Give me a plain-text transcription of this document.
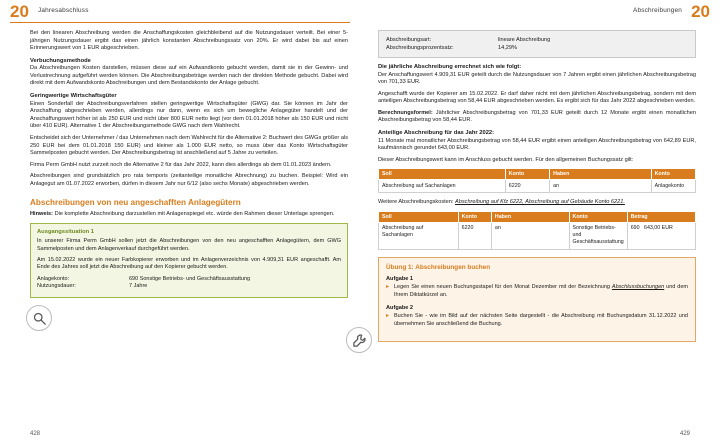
20 Jahresabschluss	20
Abschreibungen

Bei den linearen Abschreibung werden die Anschaffungskosten gleichbleibend auf die Nutzungsdauer verteilt. Bei einer 5-jährigen Nutzungsdauer ergibt das einen jährlich konstanten Abschreibungssatz von 20%. Er wird dabei bis auf einen Erinnerungswert von 1 EUR abgeschrieben.

Verbuchungsmethode

Da Abschreibungen Kosten darstellen, müssen diese auf ein Aufwandkonto gebucht werden, damit sie in der Gewinn- und Verlustrechnung aufgeführt werden können. Die Abschreibungsbeträge werden nach der direkten Methode gebucht. Dabei wird direkt mit dem Aufwandskonto Abschreibungen und dem Bestandskonto der Anlage gebucht.

Geringwertige Wirtschaftsgüter

Einen Sonderfall der Abschreibungsverfahren stellen geringwertige Wirtschaftsgüter (GWG) dar. Sie können im Jahr der Anschaffung abgeschrieben werden, allerdings nur dann, wenn es sich um bewegliche Anlagegüter handelt und der Anschaffungswert höher ist als 250 EUR und nicht über 800 EUR netto liegt (vor dem 01.01.2018 höher als 150 EUR und nicht über 410 EUR). Alternative 1 der Abschreibungsmethode GWG nach dem Wahlrecht.

Entscheidet sich der Unternehmer / das Unternehmen nach dem Wahlrecht für die Alternative 2: Buchwert des GWGs größer als 250 EUR bei dem 01.01.2018 150 EUR) und kleiner als 1.000 EUR netto, so muss über das Konto Wirtschaftsgüter Sammelposten gebucht werden. Der Abschreibungsbetrag ist anschließend auf 5 Jahre zu verteilen.

Firma Perm GmbH nutzt zurzeit noch die Alternative 2 für das Jahr 2022, kann dies allerdings ab dem 01.01.2023 ändern.

Abschreibungen sind grundsätzlich pro rata temporis (zeitanteilige monatliche Abrechnung) zu buchen. Beispiel: Wird ein Anlagegut am 01.07.2022 erworben, dürfen in diesem Jahr nur 6/12 (also sechs Monate) abgeschrieben werden.

Abschreibungen von neu angeschafften Anlagegütern
Hinweis: Die komplette Abschreibung darzustellen mit Anlagenspiegel etc. würde den Rahmen dieser Unterlage sprengen.
Ausgangssituation 1

In unserer Firma Perm GmbH sollen jetzt die Abschreibungen von den neu angeschafften Anlagegütern, dem GWG Sammelposten und dem Anlagenverkauf durchgeführt werden.

Am 15.02.2022 wurde ein neuer Farbkopierer erworben und im Anlagenverzeichnis von 4.909,31 EUR angeschafft. Am Ende des Jahres soll jetzt die Abschreibung auf den Kopierer gebucht werden.

Anlagekonto:	690 Sonstige Betriebs- und Geschäftsausstattung
Nutzungsdauer:	7 Jahre
Abschreibungsart:	lineare Abschreibung
Abschreibungsprozentsatz:	14,29%
Die jährliche Abschreibung errechnet sich wie folgt:

Der Anschaffungswert 4.909,31 EUR geteilt durch die Nutzungsdauer von 7 Jahren ergibt einen jährlichen Abschreibungsbetrag von 701,33 EUR.

Angeschafft wurde der Kopierer am 15.02.2022. Er darf daher nicht mit dem jährlichen Abschreibungsbetrag, sondern mit dem anteiligen Abschreibungsbetrag von 58,44 EUR abgeschrieben werden. Es ergibt sich für das Jahr 2022 abgeschrieben werden.

Berechnungsformel: Jährlicher Abschreibungsbetrag von 701,33 EUR geteilt durch 12 Monate ergibt einen monatlichen Abschreibungsbetrag von 58,44 EUR.

Anteilige Abschreibung für das Jahr 2022:

11 Monate mal monatlicher Abschreibungsbetrag von 58,44 EUR ergibt einen anteiligen Abschreibungsbetrag von 642,89 EUR, kaufmännisch gerundet 643,00 EUR.

Dieser Abschreibungswert kann im Anschluss gebucht werden. Für den allgemeinen Buchungssatz gilt:

Soll	Konto	Haben	Konto
Abschreibung auf Sachanlagen	6220	an	Anlagekonto

Weitere Abschreibungskosten: Abschreibung auf Kfz 6222, Abschreibung auf Gebäude Konto 6221.

Soll	Konto	Haben	Konto	Betrag
Abschreibung auf Sachanlagen	6220	an	Sonstige Betriebs- und Geschäftsausstattung	690 643,00 EUR
Übung 1: Abschreibungen buchen
Aufgabe 1
▸ Legen Sie einen neuen Buchungsstapel für den Monat Dezember mit der Bezeichnung Abschlussbuchungen und dem Ihrem Diktatkürzel an.

Aufgabe 2
▸ Buchen Sie - wie im Bild auf der nächsten Seite dargestellt - die Abschreibung mit Buchungsdatum 31.12.2022 und übernehmen Sie anschließend die Buchung.

428	429
